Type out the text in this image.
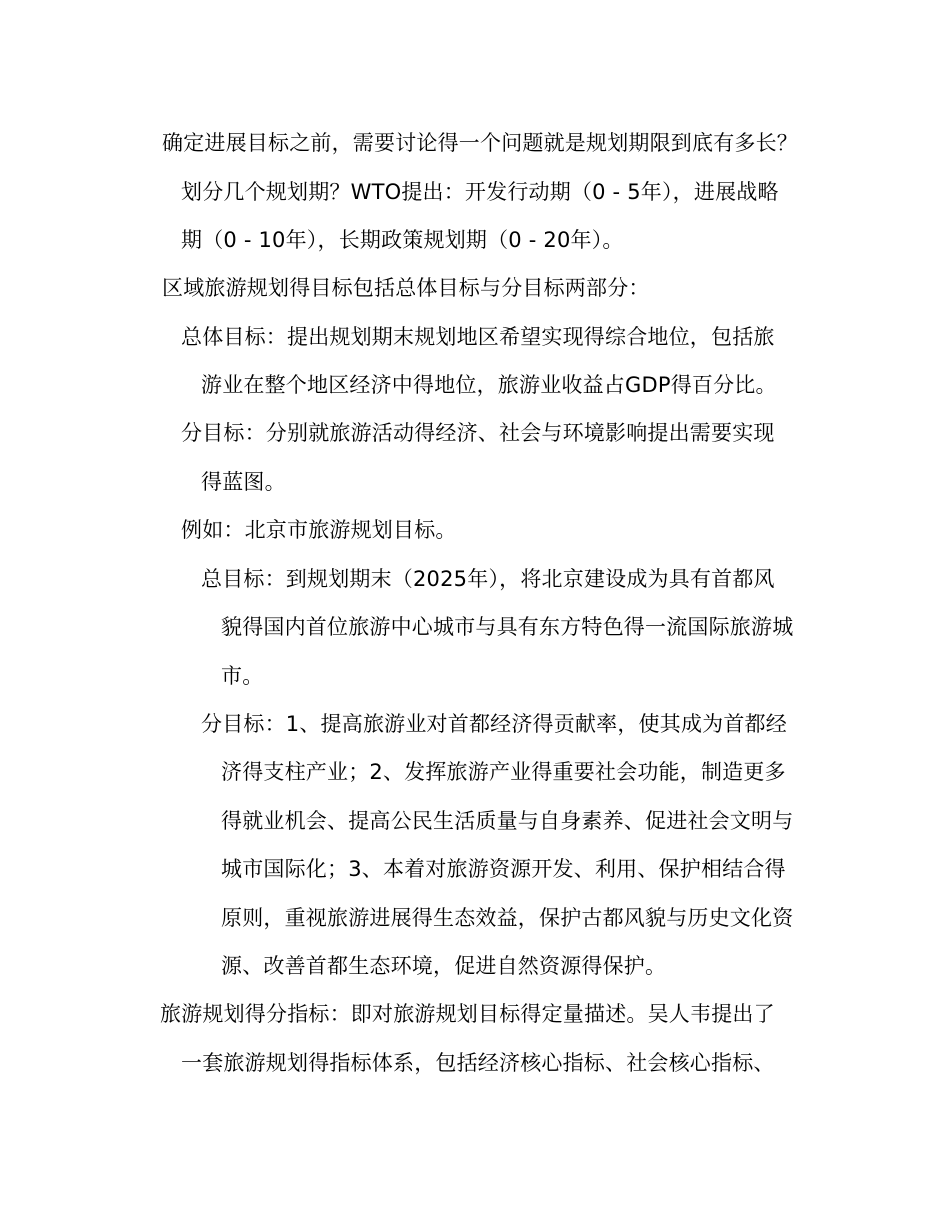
确定进展目标之前，需要讨论得一个问题就是规划期限到底有多长？
划分几个规划期？WTO提出：开发行动期（0 - 5年），进展战略
期（0 - 10年），长期政策规划期（0 - 20年）。
区域旅游规划得目标包括总体目标与分目标两部分：
总体目标：提出规划期末规划地区希望实现得综合地位，包括旅
游业在整个地区经济中得地位，旅游业收益占GDP得百分比。
分目标：分别就旅游活动得经济、社会与环境影响提出需要实现
得蓝图。
例如：北京市旅游规划目标。
总目标：到规划期末（2025年），将北京建设成为具有首都风
貌得国内首位旅游中心城市与具有东方特色得一流国际旅游城
市。
分目标：1、提高旅游业对首都经济得贡献率，使其成为首都经
济得支柱产业；2、发挥旅游产业得重要社会功能，制造更多
得就业机会、提高公民生活质量与自身素养、促进社会文明与
城市国际化；3、本着对旅游资源开发、利用、保护相结合得
原则，重视旅游进展得生态效益，保护古都风貌与历史文化资
源、改善首都生态环境，促进自然资源得保护。
旅游规划得分指标：即对旅游规划目标得定量描述。吴人韦提出了
一套旅游规划得指标体系，包括经济核心指标、社会核心指标、
